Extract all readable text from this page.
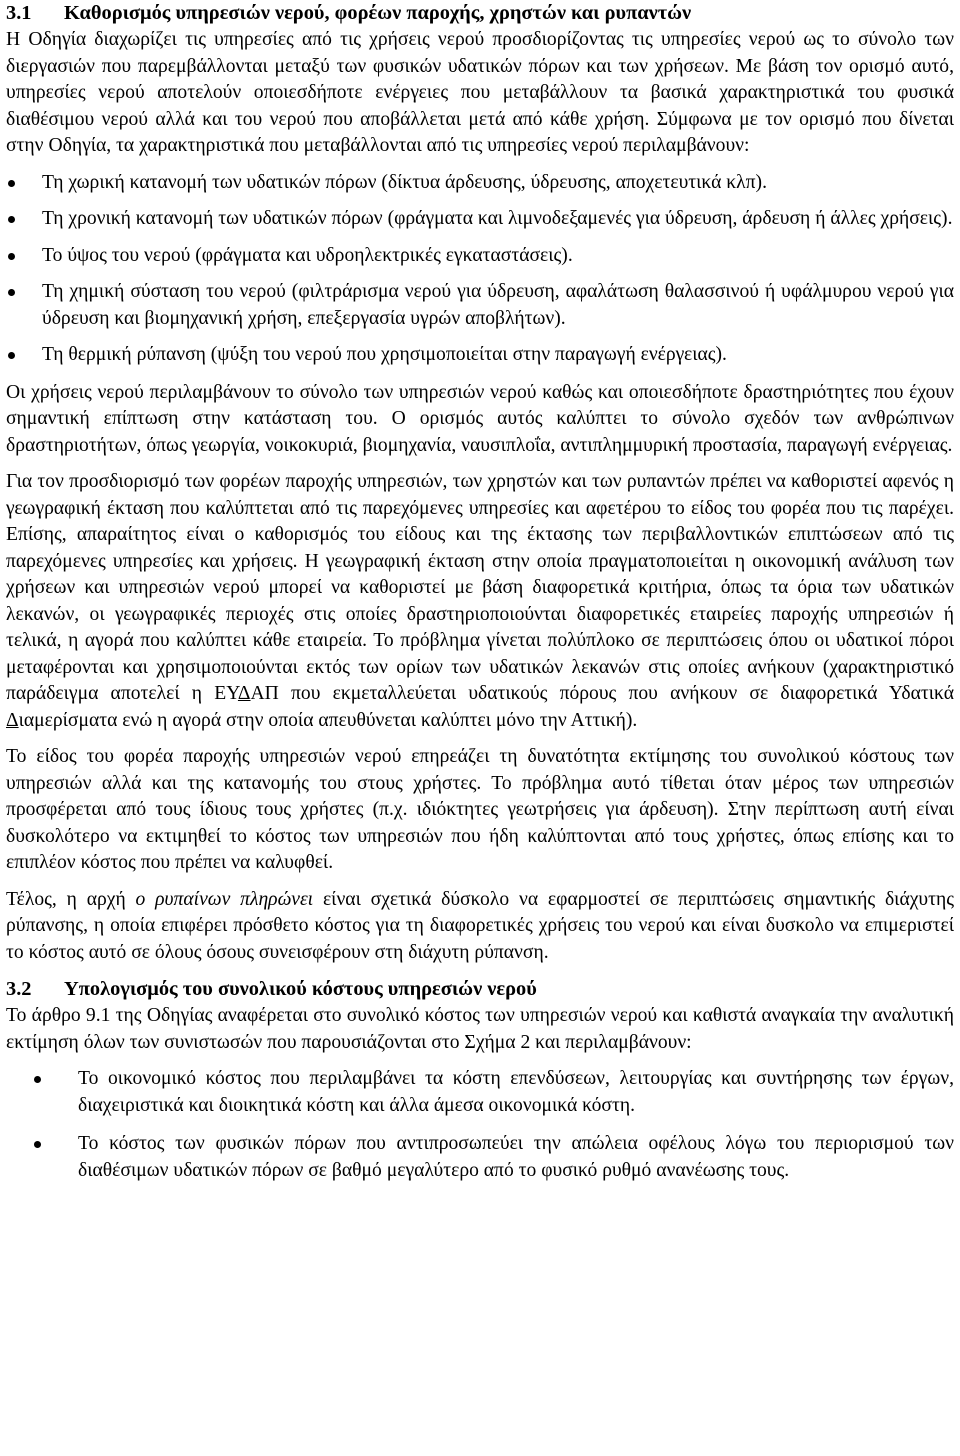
3.1	Καθορισμός υπηρεσιών νερού, φορέων παροχής, χρηστών και ρυπαντών

Η Οδηγία διαχωρίζει τις υπηρεσίες από τις χρήσεις νερού προσδιορίζοντας τις υπηρεσίες νερού ως το σύνολο των διεργασιών που παρεμβάλλονται μεταξύ των φυσικών υδατικών πόρων και των χρήσεων. Με βάση τον ορισμό αυτό, υπηρεσίες νερού αποτελούν οποιεσδήποτε ενέργειες που μεταβάλλουν τα βασικά χαρακτηριστικά του φυσικά διαθέσιμου νερού αλλά και του νερού που αποβάλλεται μετά από κάθε χρήση. Σύμφωνα με τον ορισμό που δίνεται στην Οδηγία, τα χαρακτηριστικά που μεταβάλλονται από τις υπηρεσίες νερού περιλαμβάνουν:

Τη χωρική κατανομή των υδατικών πόρων (δίκτυα άρδευσης, ύδρευσης, αποχετευτικά κλπ).
Τη χρονική κατανομή των υδατικών πόρων (φράγματα και λιμνοδεξαμενές για ύδρευση, άρδευση ή άλλες χρήσεις).
Το ύψος του νερού (φράγματα και υδροηλεκτρικές εγκαταστάσεις).
Τη χημική σύσταση του νερού (φιλτράρισμα νερού για ύδρευση, αφαλάτωση θαλασσινού ή υφάλμυρου νερού για ύδρευση και βιομηχανική χρήση, επεξεργασία υγρών αποβλήτων).
Τη θερμική ρύπανση (ψύξη του νερού που χρησιμοποιείται στην παραγωγή ενέργειας).

Οι χρήσεις νερού περιλαμβάνουν το σύνολο των υπηρεσιών νερού καθώς και οποιεσδήποτε δραστηριότητες που έχουν σημαντική επίπτωση στην κατάσταση του. Ο ορισμός αυτός καλύπτει το σύνολο σχεδόν των ανθρώπινων δραστηριοτήτων, όπως γεωργία, νοικοκυριά, βιομηχανία, ναυσιπλοΐα, αντιπλημμυρική προστασία, παραγωγή ενέργειας.

Για τον προσδιορισμό των φορέων παροχής υπηρεσιών, των χρηστών και των ρυπαντών πρέπει να καθοριστεί αφενός η γεωγραφική έκταση που καλύπτεται από τις παρεχόμενες υπηρεσίες και αφετέρου το είδος του φορέα που τις παρέχει. Επίσης, απαραίτητος είναι ο καθορισμός του είδους και της έκτασης των περιβαλλοντικών επιπτώσεων από τις παρεχόμενες υπηρεσίες και χρήσεις. Η γεωγραφική έκταση στην οποία πραγματοποιείται η οικονομική ανάλυση των χρήσεων και υπηρεσιών νερού μπορεί να καθοριστεί με βάση διαφορετικά κριτήρια, όπως τα όρια των υδατικών λεκανών, οι γεωγραφικές περιοχές στις οποίες δραστηριοποιούνται διαφορετικές εταιρείες παροχής υπηρεσιών ή τελικά, η αγορά που καλύπτει κάθε εταιρεία. Το πρόβλημα γίνεται πολύπλοκο σε περιπτώσεις όπου οι υδατικοί πόροι μεταφέρονται και χρησιμοποιούνται εκτός των ορίων των υδατικών λεκανών στις οποίες ανήκουν (χαρακτηριστικό παράδειγμα αποτελεί η ΕΥΔΑΠ που εκμεταλλεύεται υδατικούς πόρους που ανήκουν σε διαφορετικά Υδατικά Διαμερίσματα ενώ η αγορά στην οποία απευθύνεται καλύπτει μόνο την Αττική).

Το είδος του φορέα παροχής υπηρεσιών νερού επηρεάζει τη δυνατότητα εκτίμησης του συνολικού κόστους των υπηρεσιών αλλά και της κατανομής του στους χρήστες. Το πρόβλημα αυτό τίθεται όταν μέρος των υπηρεσιών προσφέρεται από τους ίδιους τους χρήστες (π.χ. ιδιόκτητες γεωτρήσεις για άρδευση). Στην περίπτωση αυτή είναι δυσκολότερο να εκτιμηθεί το κόστος των υπηρεσιών που ήδη καλύπτονται από τους χρήστες, όπως επίσης και το επιπλέον κόστος που πρέπει να καλυφθεί.

Τέλος, η αρχή ο ρυπαίνων πληρώνει είναι σχετικά δύσκολο να εφαρμοστεί σε περιπτώσεις σημαντικής διάχυτης ρύπανσης, η οποία επιφέρει πρόσθετο κόστος για τη διαφορετικές χρήσεις του νερού και είναι δυσκολο να επιμεριστεί το κόστος αυτό σε όλους όσους συνεισφέρουν στη διάχυτη ρύπανση.

3.2	Υπολογισμός του συνολικού κόστους υπηρεσιών νερού

Το άρθρο 9.1 της Οδηγίας αναφέρεται στο συνολικό κόστος των υπηρεσιών νερού και καθιστά αναγκαία την αναλυτική εκτίμηση όλων των συνιστωσών που παρουσιάζονται στο Σχήμα 2 και περιλαμβάνουν:

Το οικονομικό κόστος που περιλαμβάνει τα κόστη επενδύσεων, λειτουργίας και συντήρησης των έργων, διαχειριστικά και διοικητικά κόστη και άλλα άμεσα οικονομικά κόστη.
Το κόστος των φυσικών πόρων που αντιπροσωπεύει την απώλεια οφέλους λόγω του περιορισμού των διαθέσιμων υδατικών πόρων σε βαθμό μεγαλύτερο από το φυσικό ρυθμό ανανέωσης τους.
